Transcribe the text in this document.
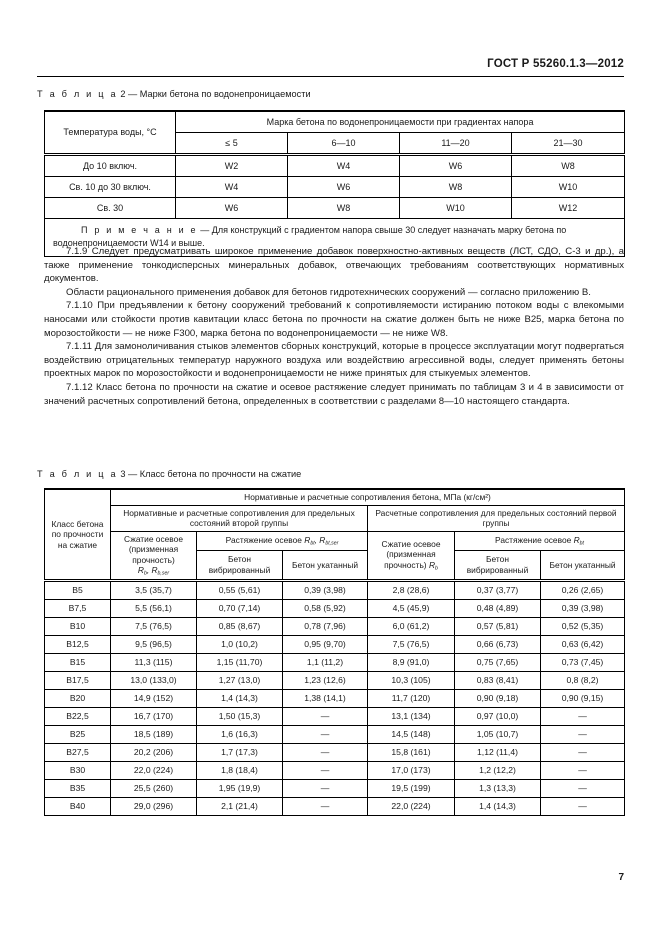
ГОСТ Р 55260.1.3—2012
Т а б л и ц а 2 — Марки бетона по водонепроницаемости
Температура воды, °С	Марка бетона по водонепроницаемости при градиентах напора			
	≤ 5	6—10	11—20	21—30
До 10 включ.	W2	W4	W6	W8
Св. 10 до 30 включ.	W4	W6	W8	W10
Св. 30	W6	W8	W10	W12
П р и м е ч а н и е — Для конструкций с градиентом напора свыше 30 следует назначать марку бетона по водонепроницаемости W14 и выше.				

7.1.9 Следует предусматривать широкое применение добавок поверхностно-активных веществ (ЛСТ, СДО, С-3 и др.), а также применение тонкодисперсных минеральных добавок, отвечающих требованиям соответствующих нормативных документов.

Области рационального применения добавок для бетонов гидротехнических сооружений — согласно приложению В.

7.1.10 При предъявлении к бетону сооружений требований к сопротивляемости истиранию потоком воды с влекомыми наносами или стойкости против кавитации класс бетона по прочности на сжатие должен быть не ниже В25, марка бетона по морозостойкости — не ниже F300, марка бетона по водонепроницаемости — не ниже W8.

7.1.11 Для замоноличивания стыков элементов сборных конструкций, которые в процессе эксплуатации могут подвергаться воздействию отрицательных температур наружного воздуха или воздействию агрессивной воды, следует применять бетоны проектных марок по морозостойкости и водонепроницаемости не ниже принятых для стыкуемых элементов.

7.1.12 Класс бетона по прочности на сжатие и осевое растяжение следует принимать по таблицам 3 и 4 в зависимости от значений расчетных сопротивлений бетона, определенных в соответствии с разделами 8—10 настоящего стандарта.

Т а б л и ц а 3 — Класс бетона по прочности на сжатие
Класс бетона по прочности на сжатие	Нормативные и расчетные сопротивления бетона, МПа (кг/см²)					
	Нормативные и расчетные сопротивления для предельных состояний второй группы			Расчетные сопротивления для предельных состояний первой группы		
	Сжатие осевое
(призменная прочность)
$R_b$, $R_{b,ser}$	Растяжение осевое $R_{bt}$, $R_{bt,ser}$		Сжатие осевое
(призменная прочность) $R_b$	Растяжение осевое $R_{bt}$
		Бетон вибрированный	Бетон укатанный		Бетон вибрированный	Бетон укатанный
В5	3,5 (35,7)	0,55 (5,61)	0,39 (3,98)	2,8 (28,6)	0,37 (3,77)	0,26 (2,65)
В7,5	5,5 (56,1)	0,70 (7,14)	0,58 (5,92)	4,5 (45,9)	0,48 (4,89)	0,39 (3,98)
В10	7,5 (76,5)	0,85 (8,67)	0,78 (7,96)	6,0 (61,2)	0,57 (5,81)	0,52 (5,35)
В12,5	9,5 (96,5)	1,0 (10,2)	0,95 (9,70)	7,5 (76,5)	0,66 (6,73)	0,63 (6,42)
В15	11,3 (115)	1,15 (11,70)	1,1 (11,2)	8,9 (91,0)	0,75 (7,65)	0,73 (7,45)
В17,5	13,0 (133,0)	1,27 (13,0)	1,23 (12,6)	10,3 (105)	0,83 (8,41)	0,8 (8,2)
В20	14,9 (152)	1,4 (14,3)	1,38 (14,1)	11,7 (120)	0,90 (9,18)	0,90 (9,15)
В22,5	16,7 (170)	1,50 (15,3)	—	13,1 (134)	0,97 (10,0)	—
В25	18,5 (189)	1,6 (16,3)	—	14,5 (148)	1,05 (10,7)	—
В27,5	20,2 (206)	1,7 (17,3)	—	15,8 (161)	1,12 (11,4)	—
В30	22,0 (224)	1,8 (18,4)	—	17,0 (173)	1,2 (12,2)	—
В35	25,5 (260)	1,95 (19,9)	—	19,5 (199)	1,3 (13,3)	—
В40	29,0 (296)	2,1 (21,4)	—	22,0 (224)	1,4 (14,3)	—
7
